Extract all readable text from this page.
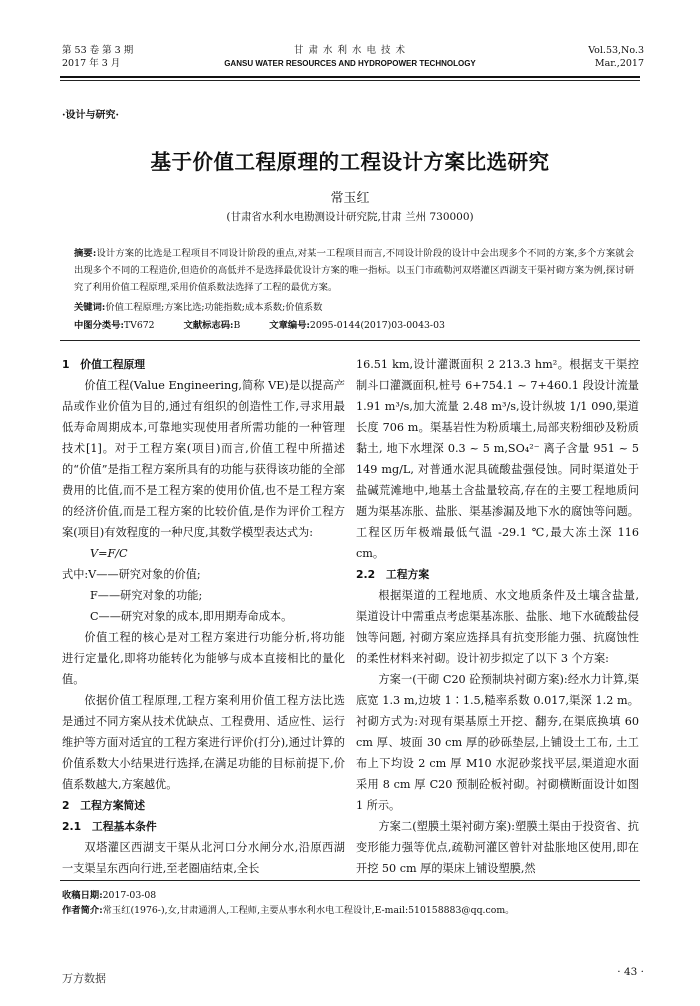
第 53 卷 第 3 期
2017 年 3 月
甘 肃 水 利 水 电 技 术
GANSU WATER RESOURCES AND HYDROPOWER TECHNOLOGY
Vol.53,No.3
Mar.,2017
·设计与研究·
基于价值工程原理的工程设计方案比选研究
常玉红
(甘肃省水利水电勘测设计研究院,甘肃 兰州 730000)
摘要:设计方案的比选是工程项目不同设计阶段的重点,对某一工程项目而言,不同设计阶段的设计中会出现多个不同的方案,多个方案就会出现多个不同的工程造价,但造价的高低并不是选择最优设计方案的唯一指标。以玉门市疏勒河双塔灌区西湖支干渠衬砌方案为例,探讨研究了利用价值工程原理,采用价值系数法选择了工程的最优方案。
关键词:价值工程原理;方案比选;功能指数;成本系数;价值系数
中图分类号:TV672	文献标志码:B	文章编号:2095-0144(2017)03-0043-03

1　价值工程原理

价值工程(Value Engineering,简称 VE)是以提高产品或作业价值为目的,通过有组织的创造性工作,寻求用最低寿命周期成本,可靠地实现使用者所需功能的一种管理技术[1]。对于工程方案(项目)而言,价值工程中所描述的“价值”是指工程方案所具有的功能与获得该功能的全部费用的比值,而不是工程方案的使用价值,也不是工程方案的经济价值,而是工程方案的比较价值,是作为评价工程方案(项目)有效程度的一种尺度,其数学模型表达式为:

V=F/C

式中:V——研究对象的价值;

F——研究对象的功能;

C——研究对象的成本,即用期寿命成本。

价值工程的核心是对工程方案进行功能分析,将功能进行定量化,即将功能转化为能够与成本直接相比的量化值。

依据价值工程原理,工程方案利用价值工程方法比选是通过不同方案从技术优缺点、工程费用、适应性、运行维护等方面对适宜的工程方案进行评价(打分),通过计算的价值系数大小结果进行选择,在满足功能的目标前提下,价值系数越大,方案越优。

2　工程方案简述

2.1　工程基本条件

双塔灌区西湖支干渠从北河口分水闸分水,沿原西湖一支渠呈东西向行进,至老圈庙结束,全长

16.51 km,设计灌溉面积 2 213.3 hm²。根据支干渠控制斗口灌溉面积,桩号 6+754.1 ~ 7+460.1 段设计流量 1.91 m³/s,加大流量 2.48 m³/s,设计纵坡 1/1 090,渠道长度 706 m。渠基岩性为粉质壤土,局部夹粉细砂及粉质黏土, 地下水埋深 0.3 ~ 5 m,SO₄²⁻ 离子含量 951 ~ 5 149 mg/L, 对普通水泥具硫酸盐强侵蚀。同时渠道处于盐碱荒滩地中,地基土含盐量较高,存在的主要工程地质问题为渠基冻胀、盐胀、渠基渗漏及地下水的腐蚀等问题。工程区历年极端最低气温 -29.1 ℃,最大冻土深 116 cm。

2.2　工程方案

根据渠道的工程地质、水文地质条件及土壤含盐量,渠道设计中需重点考虑渠基冻胀、盐胀、地下水硫酸盐侵蚀等问题, 衬砌方案应选择具有抗变形能力强、抗腐蚀性的柔性材料来衬砌。设计初步拟定了以下 3 个方案:

方案一(干砌 C20 砼预制块衬砌方案):经水力计算,渠底宽 1.3 m,边坡 1∶1.5,糙率系数 0.017,渠深 1.2 m。衬砌方式为:对现有渠基原土开挖、翻夯,在渠底换填 60 cm 厚、坡面 30 cm 厚的砂砾垫层,上铺设土工布, 土工布上下均设 2 cm 厚 M10 水泥砂浆找平层,渠道迎水面采用 8 cm 厚 C20 预制砼板衬砌。衬砌横断面设计如图 1 所示。

方案二(塑膜土渠衬砌方案):塑膜土渠由于投资省、抗变形能力强等优点,疏勒河灌区曾针对盐胀地区使用,即在开挖 50 cm 厚的渠床上铺设塑膜,然

收稿日期:2017-03-08

作者简介:常玉红(1976-),女,甘肃通渭人,工程师,主要从事水利水电工程设计,E-mail:510158883@qq.com。

万方数据	· 43 ·
